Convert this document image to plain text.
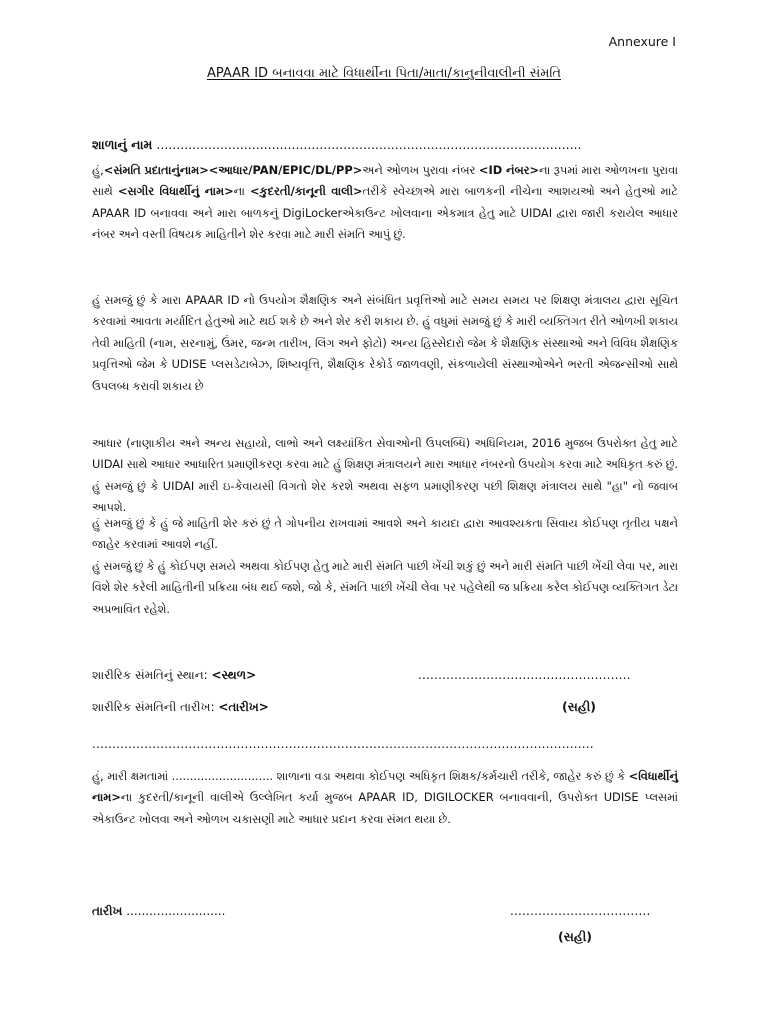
Annexure I
APAAR ID બનાવવા માટે વિધાર્થીના પિતા/માતા/કાનુનીવાલીની સંમતિ
શાળાનું નામ ...........................................................................................................

હું,<સંમતિ પ્રદાતાનુંનામ><આધાર/PAN/EPIC/DL/PP>અને ઓળખ પુરાવા નંબર <ID નંબર>ના રૂપમાં મારા ઓળખના પુરાવા સાથે <સગીર વિધાર્થીનું નામ>ના <કુદરતી/કાનૂની વાલી>તરીકે સ્વેચ્છાએ મારા બાળકની નીચેના આશયઓ અને હેતુઓ માટે APAAR ID બનાવવા અને મારા બાળકનું DigiLockerએકાઉન્ટ ખોલવાના એકમાત્ર હેતુ માટે UIDAI દ્વારા જારી કરાયેલ આધાર નંબર અને વસ્તી વિષયક માહિતીને શેર કરવા માટે મારી સંમતિ આપું છું.

હું સમજું છું કે મારા APAAR ID નો ઉપયોગ શૈક્ષણિક અને સંબંધિત પ્રવૃત્તિઓ માટે સમય સમય પર શિક્ષણ મંત્રાલય દ્વારા સૂચિત કરવામાં આવતા મર્યાદિત હેતુઓ માટે થઈ શકે છે અને શેર કરી શકાય છે. હું વધુમાં સમજું છું કે મારી વ્યક્તિગત રીતે ઓળખી શકાય તેવી માહિતી (નામ, સરનામું, ઉંમર, જન્મ તારીખ, લિંગ અને ફોટો) અન્ય હિસ્સેદારો જેમ કે શૈક્ષણિક સંસ્થાઓ અને વિવિધ શૈક્ષણિક પ્રવૃત્તિઓ જેમ કે UDISE પ્લસડેટાબેઝ, શિષ્યવૃત્તિ, શૈક્ષણિક રેકોર્ડ જાળવણી, સંકળાયેલી સંસ્થાઓએને ભરતી એજન્સીઓ સાથે ઉપલબ્ધ કરાવી શકાય છે

આધાર (નાણાકીય અને અન્ય સહાયો, લાભો અને લક્ષ્યાંકિત સેવાઓની ઉપલબ્ધિ) અધિનિયમ, 2016 મુજબ ઉપરોક્ત હેતુ માટે UIDAI સાથે આધાર આધારિત પ્રમાણીકરણ કરવા માટે હું શિક્ષણ મંત્રાલયને મારા આધાર નંબરનો ઉપયોગ કરવા માટે અધિકૃત કરું છું. હું સમજું છું કે UIDAI મારી ઇ-કેવાયસી વિગતો શેર કરશે અથવા સફળ પ્રમાણીકરણ પછી શિક્ષણ મંત્રાલય સાથે "હા" નો જવાબ આપશે.

હું સમજું છું કે હું જે માહિતી શેર કરું છું તે ગોપનીય રાખવામાં આવશે અને કાયદા દ્વારા આવશ્યકતા સિવાય કોઈપણ તૃતીય પક્ષને જાહેર કરવામાં આવશે નહીં.

હું સમજું છું કે હું કોઈપણ સમયે અથવા કોઈપણ હેતુ માટે મારી સંમતિ પાછી ખેંચી શકું છું અને મારી સંમતિ પાછી ખેંચી લેવા પર, મારા વિશે શેર કરેલી માહિતીની પ્રક્રિયા બંધ થઈ જશે, જો કે, સંમતિ પાછી ખેંચી લેવા પર પહેલેથી જ પ્રક્રિયા કરેલ કોઈપણ વ્યક્તિગત ડેટા અપ્રભાવિત રહેશે.

શારીરિક સંમતિનું સ્થાન: <સ્થળ>	.....................................................
શારીરિક સંમતિની તારીખ: <તારીખ>	(સહી)
.............................................................................................................................

હું, મારી ક્ષમતામાં ............................ શાળાના વડા અથવા કોઈપણ અધિકૃત શિક્ષક/કર્મચારી તરીકે, જાહેર કરું છું કે <વિધાર્થીનું નામ>ના કુદરતી/કાનૂની વાલીએ ઉલ્લેખિત કર્યા મુજબ APAAR ID, DIGILOCKER બનાવવાની, ઉપરોક્ત UDISE પ્લસમાં એકાઉન્ટ ખોલવા અને ઓળખ ચકાસણી માટે આધાર પ્રદાન કરવા સંમત થયા છે.

તારીખ ..........................	...................................
(સહી)
